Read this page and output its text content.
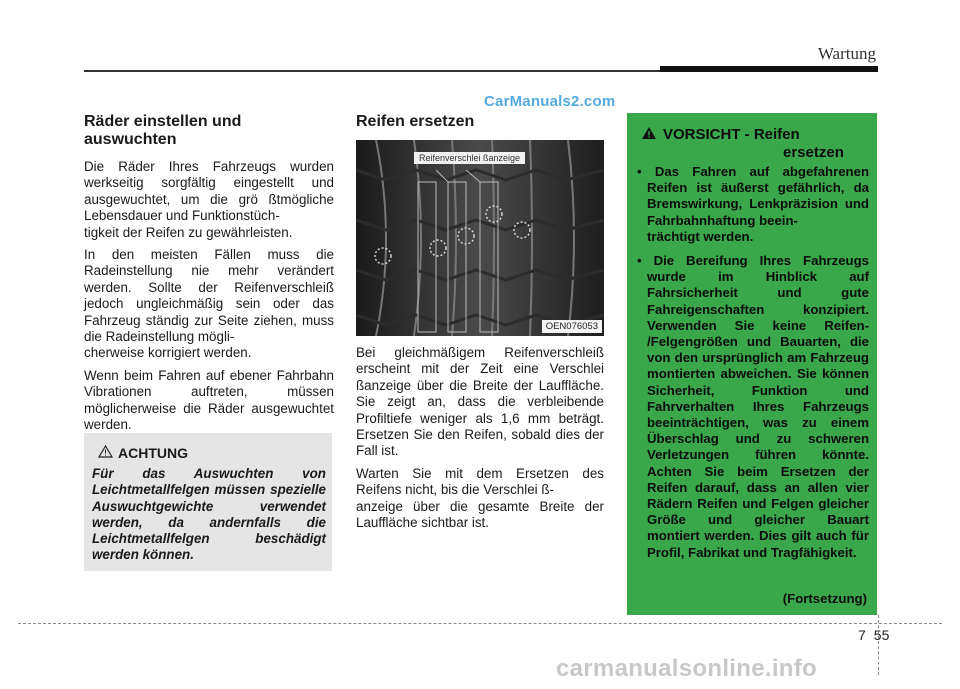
Wartung
CarManuals2.com
Räder einstellen und auswuchten

Die Räder Ihres Fahrzeugs wurden werkseitig sorgfältig eingestellt und ausgewuchtet, um die grö ßtmögliche Lebensdauer und Funktionstüch-
tigkeit der Reifen zu gewährleisten.

In den meisten Fällen muss die Radeinstellung nie mehr verändert werden. Sollte der Reifenverschleiß jedoch ungleichmäßig sein oder das Fahrzeug ständig zur Seite ziehen, muss die Radeinstellung mögli-
cherweise korrigiert werden.

Wenn beim Fahren auf ebener Fahrbahn Vibrationen auftreten, müssen möglicherweise die Räder ausgewuchtet werden.

ACHTUNG
Für das Auswuchten von Leichtmetallfelgen müssen spezielle Auswuchtgewichte verwendet werden, da andernfalls die Leichtmetallfelgen beschädigt werden können.
Reifen ersetzen
Reifenverschlei ßanzeige
OEN076053

Bei gleichmäßigem Reifenverschleiß erscheint mit der Zeit eine Verschlei ßanzeige über die Breite der Lauffläche. Sie zeigt an, dass die verbleibende Profiltiefe weniger als 1,6 mm beträgt. Ersetzen Sie den Reifen, sobald dies der Fall ist.

Warten Sie mit dem Ersetzen des Reifens nicht, bis die Verschlei ß-
anzeige über die gesamte Breite der Lauffläche sichtbar ist.

VORSICHT - Reifen
ersetzen
• Das Fahren auf abgefahrenen Reifen ist äußerst gefährlich, da Bremswirkung, Lenkpräzision und Fahrbahnhaftung beein-
trächtigt werden.
• Die Bereifung Ihres Fahrzeugs wurde im Hinblick auf Fahrsicherheit und gute Fahreigenschaften konzipiert. Verwenden Sie keine Reifen- /Felgengrößen und Bauarten, die von den ursprünglich am Fahrzeug montierten abweichen. Sie können Sicherheit, Funktion und Fahrverhalten Ihres Fahrzeugs beeinträchtigen, was zu einem Überschlag und zu schweren Verletzungen führen könnte. Achten Sie beim Ersetzen der Reifen darauf, dass an allen vier Rädern Reifen und Felgen gleicher Größe und gleicher Bauart montiert werden. Dies gilt auch für Profil, Fabrikat und Tragfähigkeit.
(Fortsetzung)
7 55
carmanualsonline.info
